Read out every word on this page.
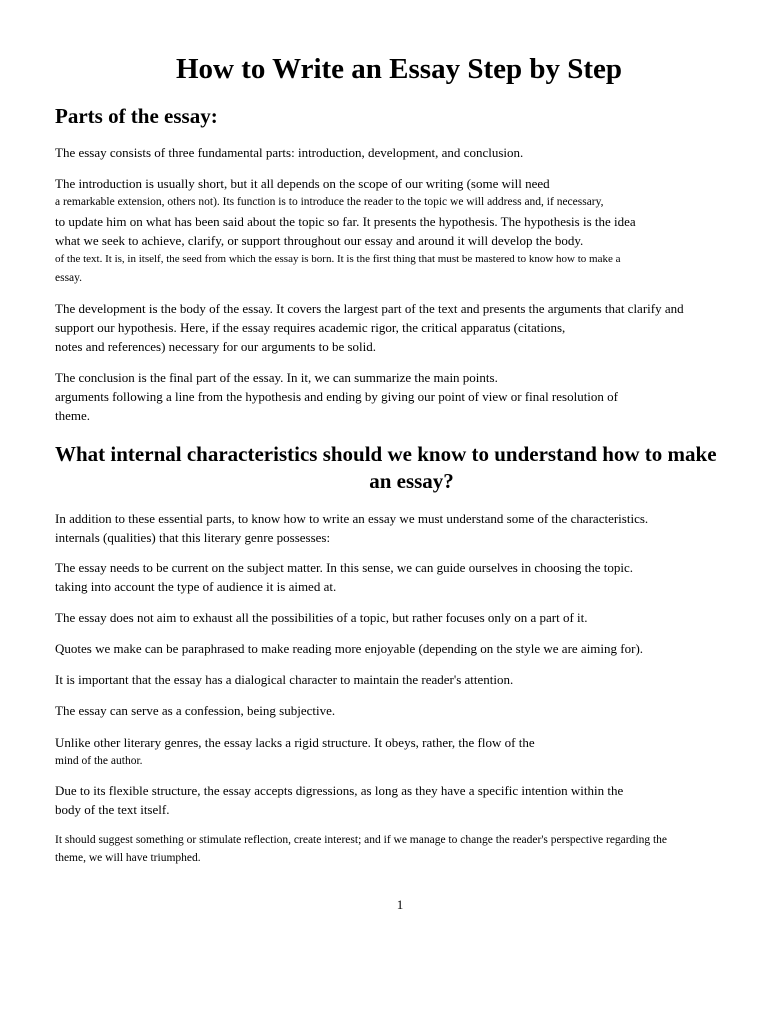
How to Write an Essay Step by Step
Parts of the essay:

The essay consists of three fundamental parts: introduction, development, and conclusion.

The introduction is usually short, but it all depends on the scope of our writing (some will need
a remarkable extension, others not). Its function is to introduce the reader to the topic we will address and, if necessary,
to update him on what has been said about the topic so far. It presents the hypothesis. The hypothesis is the idea
what we seek to achieve, clarify, or support throughout our essay and around it will develop the body.
of the text. It is, in itself, the seed from which the essay is born. It is the first thing that must be mastered to know how to make a
essay.

The development is the body of the essay. It covers the largest part of the text and presents the arguments that clarify and
support our hypothesis. Here, if the essay requires academic rigor, the critical apparatus (citations,
notes and references) necessary for our arguments to be solid.

The conclusion is the final part of the essay. In it, we can summarize the main points.
arguments following a line from the hypothesis and ending by giving our point of view or final resolution of
theme.

What internal characteristics should we know to understand how to make
an essay?

In addition to these essential parts, to know how to write an essay we must understand some of the characteristics.
internals (qualities) that this literary genre possesses:

The essay needs to be current on the subject matter. In this sense, we can guide ourselves in choosing the topic.
taking into account the type of audience it is aimed at.

The essay does not aim to exhaust all the possibilities of a topic, but rather focuses only on a part of it.

Quotes we make can be paraphrased to make reading more enjoyable (depending on the style we are aiming for).

It is important that the essay has a dialogical character to maintain the reader's attention.

The essay can serve as a confession, being subjective.

Unlike other literary genres, the essay lacks a rigid structure. It obeys, rather, the flow of the
mind of the author.

Due to its flexible structure, the essay accepts digressions, as long as they have a specific intention within the
body of the text itself.

It should suggest something or stimulate reflection, create interest; and if we manage to change the reader's perspective regarding the
theme, we will have triumphed.

1
